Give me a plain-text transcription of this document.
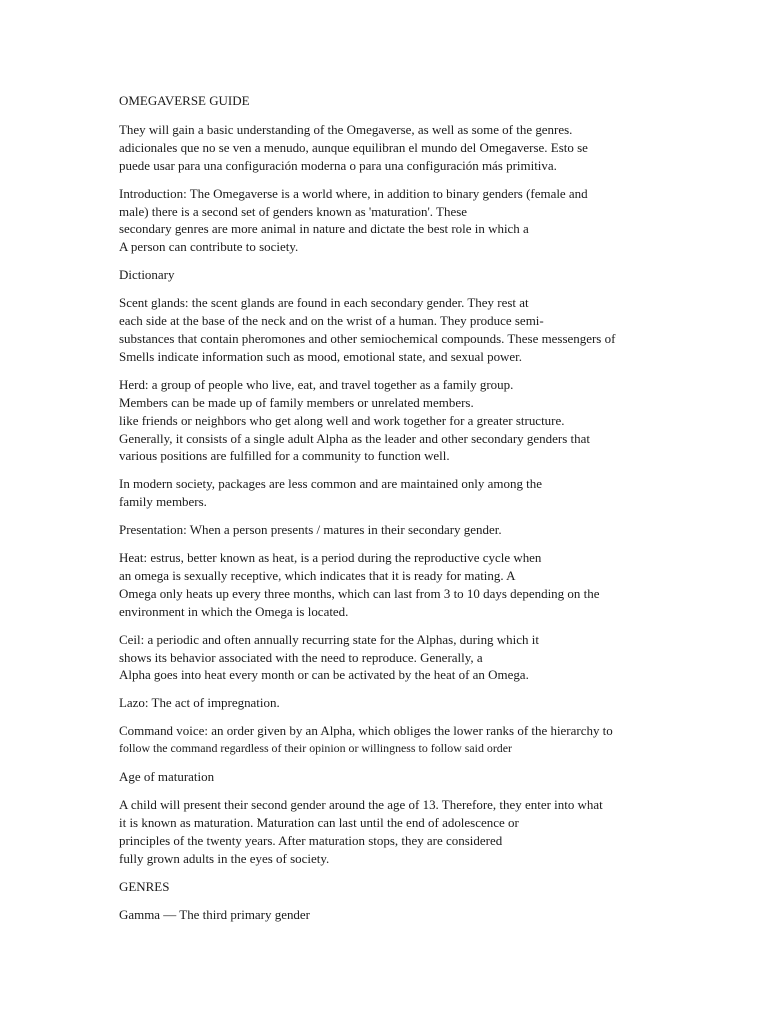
OMEGAVERSE GUIDE
They will gain a basic understanding of the Omegaverse, as well as some of the genres.
adicionales que no se ven a menudo, aunque equilibran el mundo del Omegaverse. Esto se
puede usar para una configuración moderna o para una configuración más primitiva.
Introduction: The Omegaverse is a world where, in addition to binary genders (female and
male) there is a second set of genders known as 'maturation'. These
secondary genres are more animal in nature and dictate the best role in which a
A person can contribute to society.
Dictionary
Scent glands: the scent glands are found in each secondary gender. They rest at
each side at the base of the neck and on the wrist of a human. They produce semi-
substances that contain pheromones and other semiochemical compounds. These messengers of
Smells indicate information such as mood, emotional state, and sexual power.
Herd: a group of people who live, eat, and travel together as a family group.
Members can be made up of family members or unrelated members.
like friends or neighbors who get along well and work together for a greater structure.
Generally, it consists of a single adult Alpha as the leader and other secondary genders that
various positions are fulfilled for a community to function well.
In modern society, packages are less common and are maintained only among the
family members.
Presentation: When a person presents / matures in their secondary gender.
Heat: estrus, better known as heat, is a period during the reproductive cycle when
an omega is sexually receptive, which indicates that it is ready for mating. A
Omega only heats up every three months, which can last from 3 to 10 days depending on the
environment in which the Omega is located.
Ceil: a periodic and often annually recurring state for the Alphas, during which it
shows its behavior associated with the need to reproduce. Generally, a
Alpha goes into heat every month or can be activated by the heat of an Omega.
Lazo: The act of impregnation.
Command voice: an order given by an Alpha, which obliges the lower ranks of the hierarchy to
follow the command regardless of their opinion or willingness to follow said order
Age of maturation
A child will present their second gender around the age of 13. Therefore, they enter into what
it is known as maturation. Maturation can last until the end of adolescence or
principles of the twenty years. After maturation stops, they are considered
fully grown adults in the eyes of society.
GENRES
Gamma — The third primary gender
